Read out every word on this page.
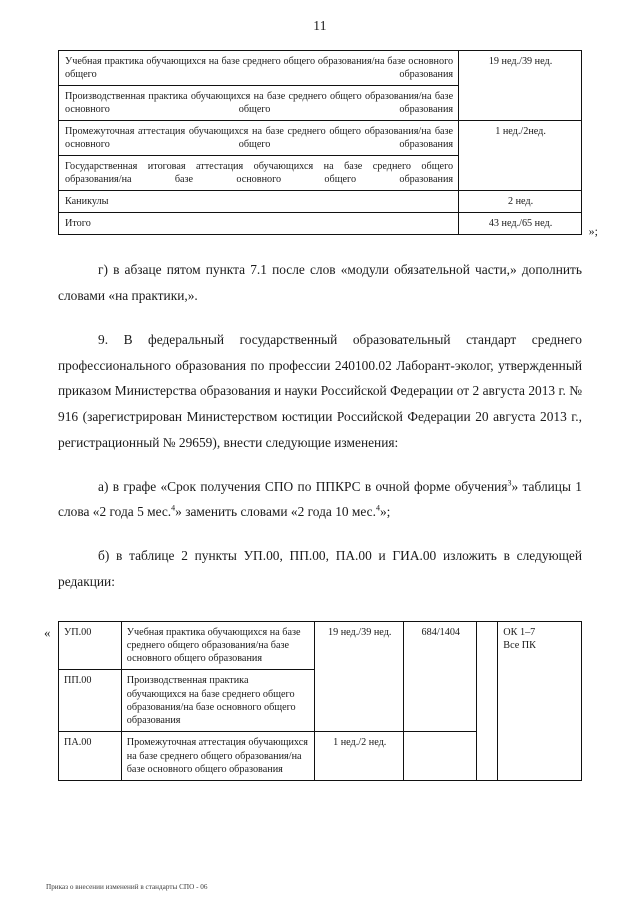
11
Учебная практика обучающихся на базе среднего общего образования/на базе основного общего образования	19 нед./39 нед.
Производственная практика обучающихся на базе среднего общего образования/на базе основного общего образования	
Промежуточная аттестация обучающихся на базе среднего общего образования/на базе основного общего образования	1 нед./2нед.
Государственная итоговая аттестация обучающихся на базе среднего общего образования/на базе основного общего образования	
Каникулы	2 нед.
Итого	43 нед./65 нед.
»;

г) в абзаце пятом пункта 7.1 после слов «модули обязательной части,» дополнить словами «на практики,».

9. В федеральный государственный образовательный стандарт среднего профессионального образования по профессии 240100.02 Лаборант-эколог, утвержденный приказом Министерства образования и науки Российской Федерации от 2 августа 2013 г. № 916 (зарегистрирован Министерством юстиции Российской Федерации 20 августа 2013 г., регистрационный № 29659), внести следующие изменения:

а) в графе «Срок получения СПО по ППКРС в очной форме обучения$^3$» таблицы 1 слова «2 года 5 мес.$^4$» заменить словами «2 года 10 мес.$^4$»;

б) в таблице 2 пункты УП.00, ПП.00, ПА.00 и ГИА.00 изложить в следующей редакции:

« УП.00	Учебная практика обучающихся на базе среднего общего образования/на базе основного общего образования	19 нед./39 нед.	684/1404		ОК 1–7
Все ПК
ПП.00	Производственная практика обучающихся на базе среднего общего образования/на базе основного общего образования				
ПА.00	Промежуточная аттестация обучающихся на базе среднего общего образования/на базе основного общего образования	1 нед./2 нед.			
Приказ о внесении изменений в стандарты СПО - 06
